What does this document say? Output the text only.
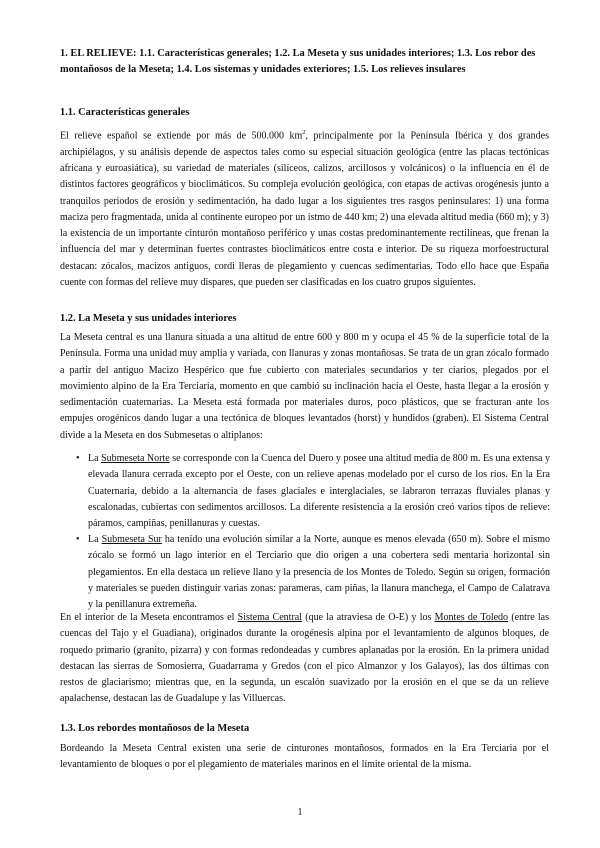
1. EL RELIEVE: 1.1. Características generales; 1.2. La Meseta y sus unidades interiores; 1.3. Los rebor des montañosos de la Meseta; 1.4. Los sistemas y unidades exteriores; 1.5. Los relieves insulares
1.1. Características generales

El relieve español se extiende por más de 500.000 $km^2$, principalmente por la Península Ibérica y dos grandes archipiélagos, y su análisis depende de aspectos tales como su especial situación geológica (entre las placas tectónicas africana y euroasiática), su variedad de materiales (silíceos, calizos, arcillosos y volcánicos) o la influencia en él de distintos factores geográficos y bioclimáticos. Su compleja evolución geológica, con etapas de activas orogénesis junto a tranquilos periodos de erosión y sedimentación, ha dado lugar a los siguientes tres rasgos peninsulares: 1) una forma maciza pero fragmentada, unida al continente europeo por un istmo de 440 km; 2) una elevada altitud media (660 m); y 3) la existencia de un importante cinturón montañoso periférico y unas costas predominantemente rectilíneas, que frenan la influencia del mar y determinan fuertes contrastes bioclimáticos entre costa e interior. De su riqueza morfoestructural destacan: zócalos, macizos antiguos, cordi lleras de plegamiento y cuencas sedimentarias. Todo ello hace que España cuente con formas del relieve muy dispares, que pueden ser clasificadas en los cuatro grupos siguientes.

1.2. La Meseta y sus unidades interiores

La Meseta central es una llanura situada a una altitud de entre 600 y 800 m y ocupa el 45 % de la superficie total de la Península. Forma una unidad muy amplia y variada, con llanuras y zonas montañosas. Se trata de un gran zócalo formado a partir del antiguo Macizo Hespérico que fue cubierto con materiales secundarios y ter ciarios, plegados por el movimiento alpino de la Era Terciaria, momento en que cambió su inclinación hacia el Oeste, hasta llegar a la erosión y sedimentación cuaternarias. La Meseta está formada por materiales duros, poco plásticos, que se fracturan ante los empujes orogénicos dando lugar a una tectónica de bloques levantados (horst) y hundidos (graben). El Sistema Central divide a la Meseta en dos Submesetas o altiplanos:

• La Submeseta Norte se corresponde con la Cuenca del Duero y posee una altitud media de 800 m. Es una extensa y elevada llanura cerrada excepto por el Oeste, con un relieve apenas modelado por el curso de los ríos. En la Era Cuaternaria, debido a la alternancia de fases glaciales e interglaciales, se labraron terrazas fluviales planas y escalonadas, cubiertas con sedimentos arcillosos. La diferente resistencia a la erosión creó varios tipos de relieve: páramos, campiñas, penillanuras y cuestas.
• La Submeseta Sur ha tenido una evolución similar a la Norte, aunque es menos elevada (650 m). Sobre el mismo zócalo se formó un lago interior en el Terciario que dio origen a una cobertera sedi mentaria horizontal sin plegamientos. En ella destaca un relieve llano y la presencia de los Montes de Toledo. Según su origen, formación y materiales se pueden distinguir varias zonas: parameras, cam piñas, la llanura manchega, el Campo de Calatrava y la penillanura extremeña.

En el interior de la Meseta encontramos el Sistema Central (que la atraviesa de O-E) y los Montes de Toledo (entre las cuencas del Tajo y el Guadiana), originados durante la orogénesis alpina por el levantamiento de algunos bloques, de roquedo primario (granito, pizarra) y con formas redondeadas y cumbres aplanadas por la erosión. En la primera unidad destacan las sierras de Somosierra, Guadarrama y Gredos (con el pico Almanzor y los Galayos), las dos últimas con restos de glaciarismo; mientras que, en la segunda, un escalón suavizado por la erosión en el que se da un relieve apalachense, destacan las de Guadalupe y las Villuercas.

1.3. Los rebordes montañosos de la Meseta

Bordeando la Meseta Central existen una serie de cinturones montañosos, formados en la Era Terciaria por el levantamiento de bloques o por el plegamiento de materiales marinos en el límite oriental de la misma.

1
